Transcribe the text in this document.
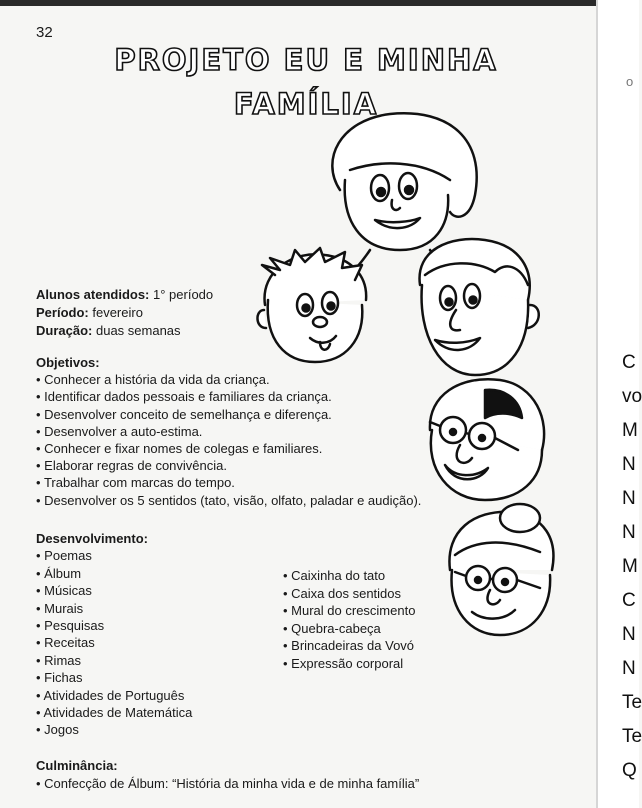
o
C
vo
M
N
N
N
M
C
N
N
Te
Te
Q
32
PROJETO EU E MINHA
FAMÍLIA
Alunos atendidos: 1° período
Período: fevereiro
Duração: duas semanas
Objetivos:
• Conhecer a história da vida da criança.
• Identificar dados pessoais e familiares da criança.
• Desenvolver conceito de semelhança e diferença.
• Desenvolver a auto-estima.
• Conhecer e fixar nomes de colegas e familiares.
• Elaborar regras de convivência.
• Trabalhar com marcas do tempo.
• Desenvolver os 5 sentidos (tato, visão, olfato, paladar e audição).
Desenvolvimento:
• Poemas
• Álbum
• Músicas
• Murais
• Pesquisas
• Receitas
• Rimas
• Fichas
• Atividades de Português
• Atividades de Matemática
• Jogos
• Caixinha do tato
• Caixa dos sentidos
• Mural do crescimento
• Quebra-cabeça
• Brincadeiras da Vovó
• Expressão corporal
Culminância:
• Confecção de Álbum: “História da minha vida e de minha família”
